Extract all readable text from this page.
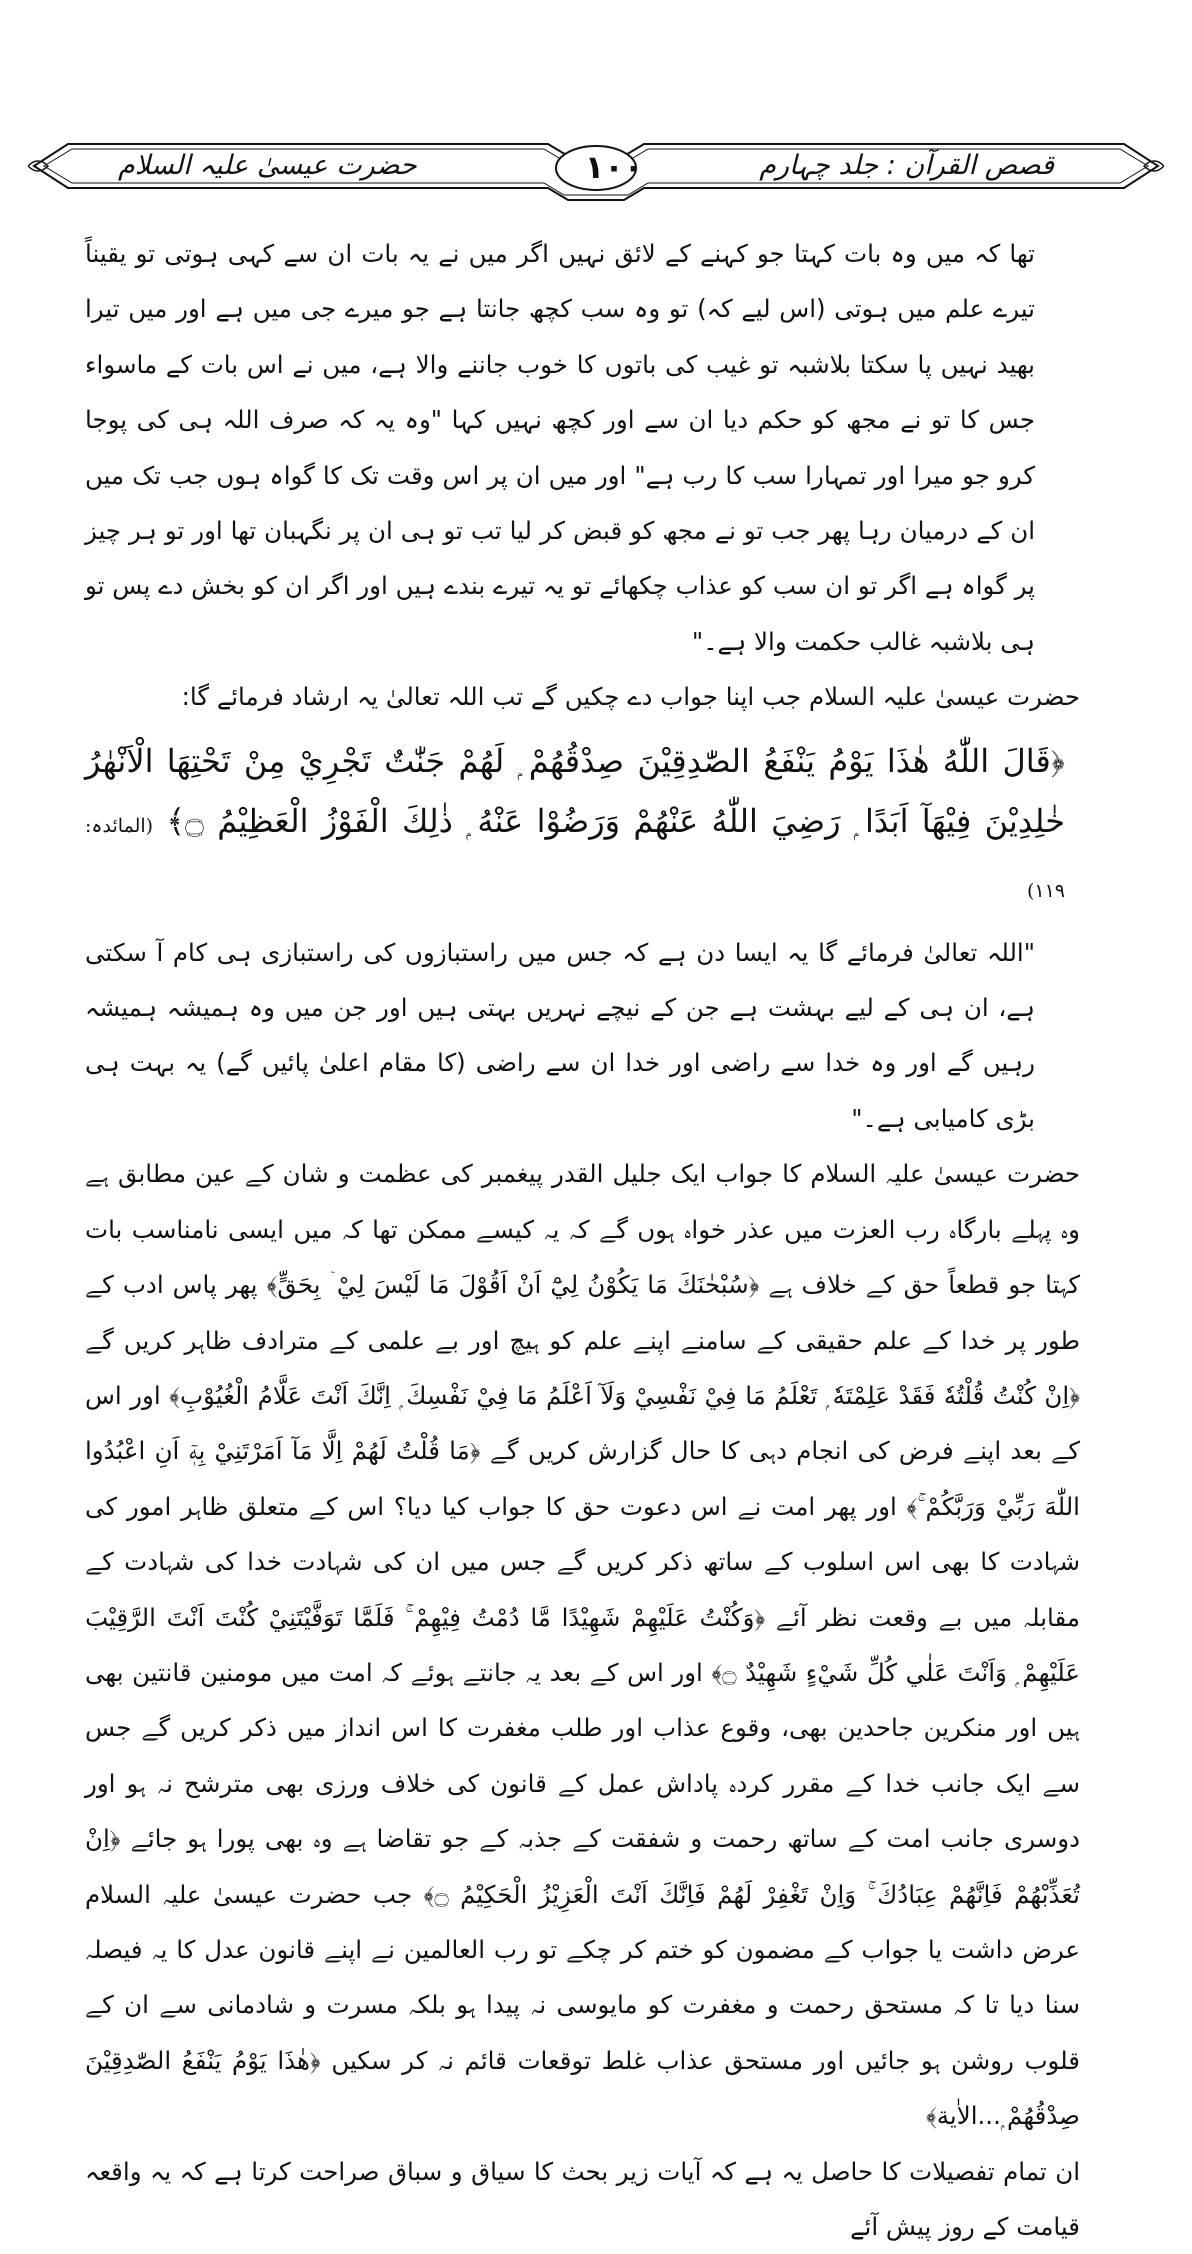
حضرت عیسیٰ علیہ السلام	١٠٠	قصص القرآن : جلد چہارم

تھا کہ میں وہ بات کہتا جو کہنے کے لائق نہیں اگر میں نے یہ بات ان سے کہی ہوتی تو یقیناً تیرے علم میں ہوتی (اس لیے کہ) تو وہ سب کچھ جانتا ہے جو میرے جی میں ہے اور میں تیرا بھید نہیں پا سکتا بلاشبہ تو غیب کی باتوں کا خوب جاننے والا ہے، میں نے اس بات کے ماسواء جس کا تو نے مجھ کو حکم دیا ان سے اور کچھ نہیں کہا "وہ یہ کہ صرف اللہ ہی کی پوجا کرو جو میرا اور تمہارا سب کا رب ہے" اور میں ان پر اس وقت تک کا گواہ ہوں جب تک میں ان کے درمیان رہا پھر جب تو نے مجھ کو قبض کر لیا تب تو ہی ان پر نگہبان تھا اور تو ہر چیز پر گواہ ہے اگر تو ان سب کو عذاب چکھائے تو یہ تیرے بندے ہیں اور اگر ان کو بخش دے پس تو ہی بلاشبہ غالب حکمت والا ہے۔"

حضرت عیسیٰ علیہ السلام جب اپنا جواب دے چکیں گے تب اللہ تعالیٰ یہ ارشاد فرمائے گا:

﴿قَالَ اللّٰهُ هٰذَا يَوْمُ يَنْفَعُ الصّٰدِقِيْنَ صِدْقُهُمْ ۭ لَهُمْ جَنّٰتٌ تَجْرِيْ مِنْ تَحْتِهَا الْاَنْهٰرُ خٰلِدِيْنَ فِيْهَآ اَبَدًا ۭ رَضِيَ اللّٰهُ عَنْهُمْ وَرَضُوْا عَنْهُ ۭ ذٰلِكَ الْفَوْزُ الْعَظِيْمُ ۝﴾ (المائدہ: ١١٩)

"اللہ تعالیٰ فرمائے گا یہ ایسا دن ہے کہ جس میں راستبازوں کی راستبازی ہی کام آ سکتی ہے، ان ہی کے لیے بہشت ہے جن کے نیچے نہریں بہتی ہیں اور جن میں وہ ہمیشہ ہمیشہ رہیں گے اور وہ خدا سے راضی اور خدا ان سے راضی (کا مقام اعلیٰ پائیں گے) یہ بہت ہی بڑی کامیابی ہے۔"

حضرت عیسیٰ علیہ السلام کا جواب ایک جلیل القدر پیغمبر کی عظمت و شان کے عین مطابق ہے وہ پہلے بارگاہ رب العزت میں عذر خواہ ہوں گے کہ یہ کیسے ممکن تھا کہ میں ایسی نامناسب بات کہتا جو قطعاً حق کے خلاف ہے ﴿سُبْحٰنَكَ مَا يَكُوْنُ لِيْٓ اَنْ اَقُوْلَ مَا لَيْسَ لِيْ ۤ بِحَقٍّ﴾ پھر پاس ادب کے طور پر خدا کے علم حقیقی کے سامنے اپنے علم کو ہیچ اور بے علمی کے مترادف ظاہر کریں گے ﴿اِنْ كُنْتُ قُلْتُهٗ فَقَدْ عَلِمْتَهٗ ۭ تَعْلَمُ مَا فِيْ نَفْسِيْ وَلَآ اَعْلَمُ مَا فِيْ نَفْسِكَ ۭ اِنَّكَ اَنْتَ عَلَّامُ الْغُيُوْبِ﴾ اور اس کے بعد اپنے فرض کی انجام دہی کا حال گزارش کریں گے ﴿مَا قُلْتُ لَهُمْ اِلَّا مَآ اَمَرْتَنِيْ بِهٖٓ اَنِ اعْبُدُوا اللّٰهَ رَبِّيْ وَرَبَّكُمْ ۚ﴾ اور پھر امت نے اس دعوت حق کا جواب کیا دیا؟ اس کے متعلق ظاہر امور کی شہادت کا بھی اس اسلوب کے ساتھ ذکر کریں گے جس میں ان کی شہادت خدا کی شہادت کے مقابلہ میں بے وقعت نظر آئے ﴿وَكُنْتُ عَلَيْهِمْ شَهِيْدًا مَّا دُمْتُ فِيْهِمْ ۚ فَلَمَّا تَوَفَّيْتَنِيْ كُنْتَ اَنْتَ الرَّقِيْبَ عَلَيْهِمْ ۭ وَاَنْتَ عَلٰي كُلِّ شَيْءٍ شَهِيْدٌ ۝﴾ اور اس کے بعد یہ جانتے ہوئے کہ امت میں مومنین قانتین بھی ہیں اور منکرین جاحدین بھی، وقوع عذاب اور طلب مغفرت کا اس انداز میں ذکر کریں گے جس سے ایک جانب خدا کے مقرر کردہ پاداش عمل کے قانون کی خلاف ورزی بھی مترشح نہ ہو اور دوسری جانب امت کے ساتھ رحمت و شفقت کے جذبہ کے جو تقاضا ہے وہ بھی پورا ہو جائے ﴿اِنْ تُعَذِّبْهُمْ فَاِنَّهُمْ عِبَادُكَ ۚ وَاِنْ تَغْفِرْ لَهُمْ فَاِنَّكَ اَنْتَ الْعَزِيْزُ الْحَكِيْمُ ۝﴾ جب حضرت عیسیٰ علیہ السلام عرض داشت یا جواب کے مضمون کو ختم کر چکے تو رب العالمین نے اپنے قانون عدل کا یہ فیصلہ سنا دیا تا کہ مستحق رحمت و مغفرت کو مایوسی نہ پیدا ہو بلکہ مسرت و شادمانی سے ان کے قلوب روشن ہو جائیں اور مستحق عذاب غلط توقعات قائم نہ کر سکیں ﴿هٰذَا يَوْمُ يَنْفَعُ الصّٰدِقِيْنَ صِدْقُهُمْ ۭ...الاٰية﴾

ان تمام تفصیلات کا حاصل یہ ہے کہ آیات زیر بحث کا سیاق و سباق صراحت کرتا ہے کہ یہ واقعہ قیامت کے روز پیش آئے
